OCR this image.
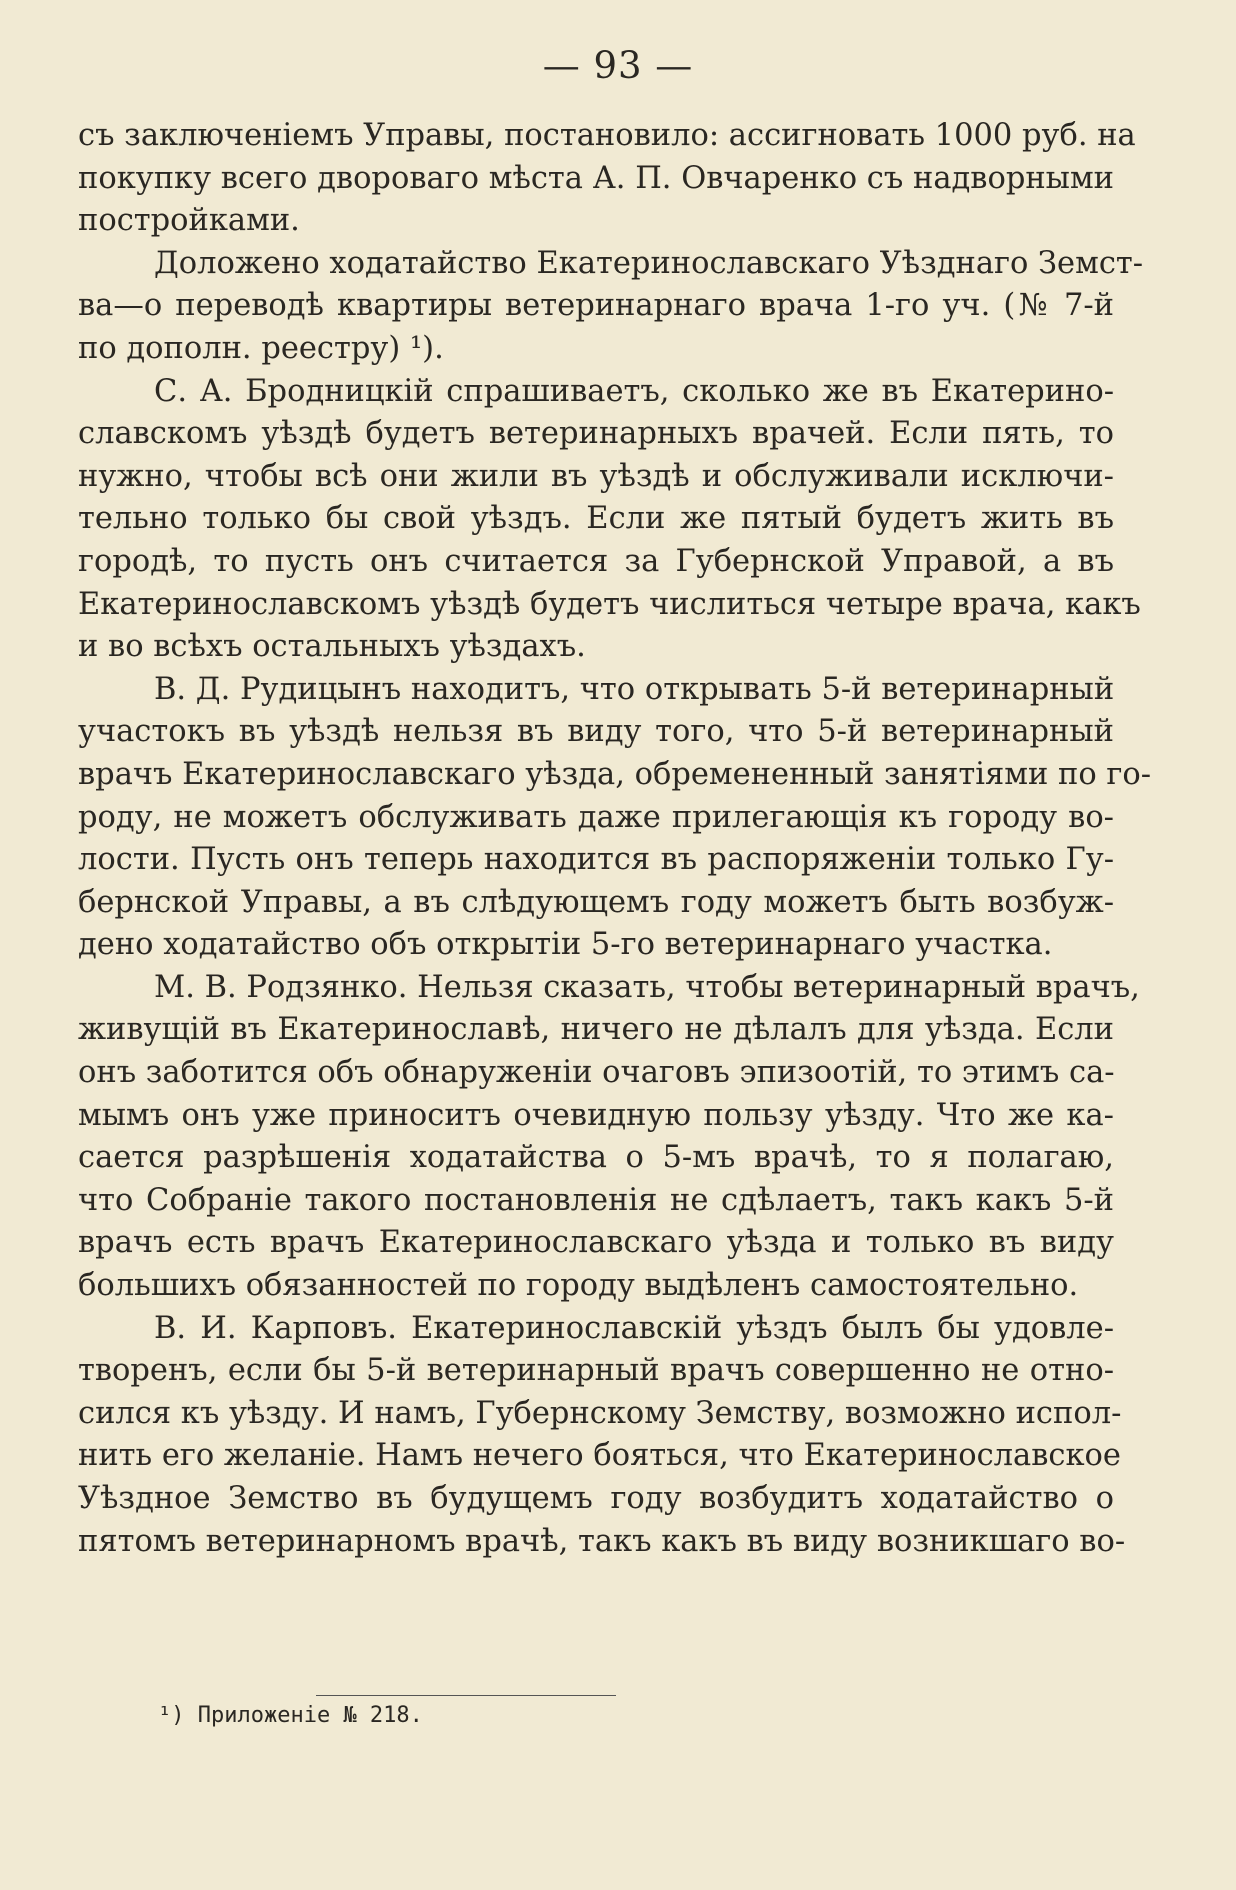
— 93 —
съ заключеніемъ Управы, постановило: ассигновать 1000 руб. на
покупку всего двороваго мѣста А. П. Овчаренко съ надворными
постройками.
Доложено ходатайство Екатеринославскаго Уѣзднаго Земст-
ва—о переводѣ квартиры ветеринарнаго врача 1-го уч. (№ 7-й
по дополн. реестру) ¹).
С. А. Бродницкій спрашиваетъ, сколько же въ Екатерино-
славскомъ уѣздѣ будетъ ветеринарныхъ врачей. Если пять, то
нужно, чтобы всѣ они жили въ уѣздѣ и обслуживали исключи-
тельно только бы свой уѣздъ. Если же пятый будетъ жить въ
городѣ, то пусть онъ считается за Губернской Управой, а въ
Екатеринославскомъ уѣздѣ будетъ числиться четыре врача, какъ
и во всѣхъ остальныхъ уѣздахъ.
В. Д. Рудицынъ находитъ, что открывать 5-й ветеринарный
участокъ въ уѣздѣ нельзя въ виду того, что 5-й ветеринарный
врачъ Екатеринославскаго уѣзда, обремененный занятіями по го-
роду, не можетъ обслуживать даже прилегающія къ городу во-
лости. Пусть онъ теперь находится въ распоряженіи только Гу-
бернской Управы, а въ слѣдующемъ году можетъ быть возбуж-
дено ходатайство объ открытіи 5-го ветеринарнаго участка.
М. В. Родзянко. Нельзя сказать, чтобы ветеринарный врачъ,
живущій въ Екатеринославѣ, ничего не дѣлалъ для уѣзда. Если
онъ заботится объ обнаруженіи очаговъ эпизоотій, то этимъ са-
мымъ онъ уже приноситъ очевидную пользу уѣзду. Что же ка-
сается разрѣшенія ходатайства о 5-мъ врачѣ, то я полагаю,
что Собраніе такого постановленія не сдѣлаетъ, такъ какъ 5-й
врачъ есть врачъ Екатеринославскаго уѣзда и только въ виду
большихъ обязанностей по городу выдѣленъ самостоятельно.
В. И. Карповъ. Екатеринославскій уѣздъ былъ бы удовле-
творенъ, если бы 5-й ветеринарный врачъ совершенно не отно-
сился къ уѣзду. И намъ, Губернскому Земству, возможно испол-
нить его желаніе. Намъ нечего бояться, что Екатеринославское
Уѣздное Земство въ будущемъ году возбудитъ ходатайство о
пятомъ ветеринарномъ врачѣ, такъ какъ въ виду возникшаго во-
¹) Приложеніе № 218.
